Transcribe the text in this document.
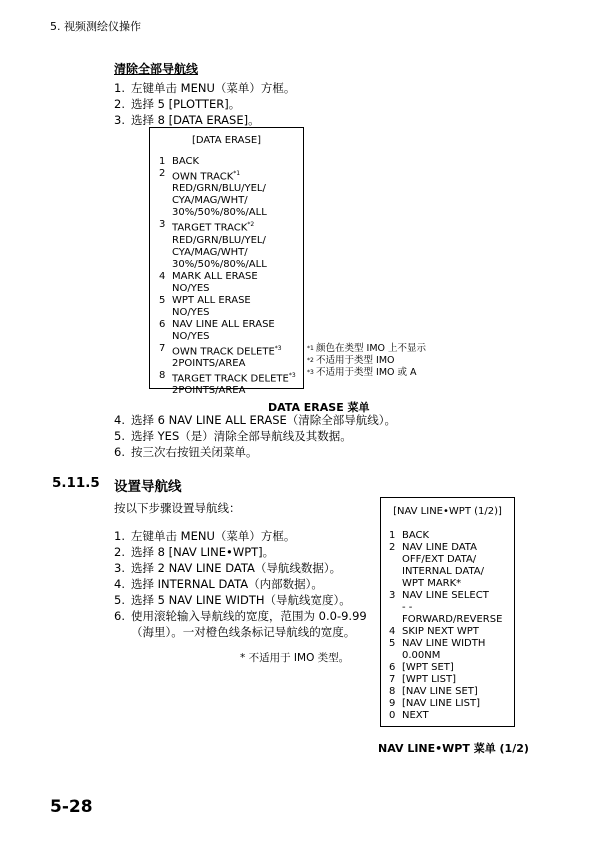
5. 视频测绘仪操作
清除全部导航线
1. 左键单击 MENU（菜单）方框。
2. 选择 5 [PLOTTER]。
3. 选择 8 [DATA ERASE]。
[DATA ERASE]
1 BACK
2 OWN TRACK$^{*1}$
RED/GRN/BLU/YEL/
CYA/MAG/WHT/
30%/50%/80%/ALL
3 TARGET TRACK$^{*2}$
RED/GRN/BLU/YEL/
CYA/MAG/WHT/
30%/50%/80%/ALL
4 MARK ALL ERASE
NO/YES
5 WPT ALL ERASE
NO/YES
6 NAV LINE ALL ERASE
NO/YES
7 OWN TRACK DELETE$^{*3}$
2POINTS/AREA
8 TARGET TRACK DELETE$^{*3}$
2POINTS/AREA
*1 颜色在类型 IMO 上不显示
*2 不适用于类型 IMO
*3 不适用于类型 IMO 或 A
DATA ERASE 菜单
4. 选择 6 NAV LINE ALL ERASE（清除全部导航线）。
5. 选择 YES（是）清除全部导航线及其数据。
6. 按三次右按钮关闭菜单。
5.11.5	设置导航线
按以下步骤设置导航线：
1. 左键单击 MENU（菜单）方框。
2. 选择 8 [NAV LINE•WPT]。
3. 选择 2 NAV LINE DATA（导航线数据）。
4. 选择 INTERNAL DATA（内部数据）。
5. 选择 5 NAV LINE WIDTH（导航线宽度）。
6. 使用滚轮输入导航线的宽度，范围为 0.0-9.99
（海里）。一对橙色线条标记导航线的宽度。
* 不适用于 IMO 类型。
[NAV LINE•WPT (1/2)]
1 BACK
2 NAV LINE DATA
OFF/EXT DATA/
INTERNAL DATA/
WPT MARK*
3 NAV LINE SELECT
- -
FORWARD/REVERSE
4 SKIP NEXT WPT
5 NAV LINE WIDTH
0.00NM
6 [WPT SET]
7 [WPT LIST]
8 [NAV LINE SET]
9 [NAV LINE LIST]
0 NEXT
NAV LINE•WPT 菜单 (1/2)
5-28
